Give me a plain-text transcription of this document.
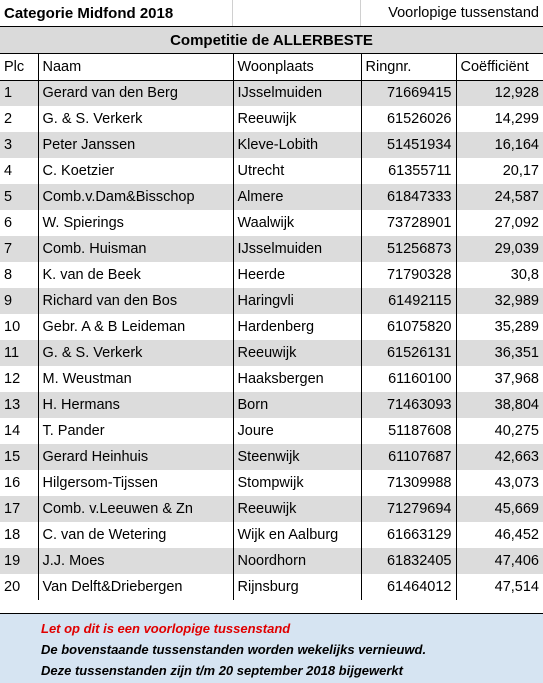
Categorie Midfond 2018	Voorlopige tussenstand
Competitie de ALLERBESTE
Plc	Naam	Woonplaats	Ringnr.	Coëfficiënt
1	Gerard van den Berg	IJsselmuiden	71669415	12,928
2	G. & S. Verkerk	Reeuwijk	61526026	14,299
3	Peter Janssen	Kleve-Lobith	51451934	16,164
4	C. Koetzier	Utrecht	61355711	20,17
5	Comb.v.Dam&Bisschop	Almere	61847333	24,587
6	W. Spierings	Waalwijk	73728901	27,092
7	Comb. Huisman	IJsselmuiden	51256873	29,039
8	K. van de Beek	Heerde	71790328	30,8
9	Richard van den Bos	Haringvli	61492115	32,989
10	Gebr. A & B Leideman	Hardenberg	61075820	35,289
11	G. & S. Verkerk	Reeuwijk	61526131	36,351
12	M. Weustman	Haaksbergen	61160100	37,968
13	H. Hermans	Born	71463093	38,804
14	T. Pander	Joure	51187608	40,275
15	Gerard Heinhuis	Steenwijk	61107687	42,663
16	Hilgersom-Tijssen	Stompwijk	71309988	43,073
17	Comb. v.Leeuwen & Zn	Reeuwijk	71279694	45,669
18	C. van de Wetering	Wijk en Aalburg	61663129	46,452
19	J.J. Moes	Noordhorn	61832405	47,406
20	Van Delft&Driebergen	Rijnsburg	61464012	47,514
Let op dit is een voorlopige tussenstand
De bovenstaande tussenstanden worden wekelijks vernieuwd.
Deze tussenstanden zijn t/m 20 september 2018 bijgewerkt
